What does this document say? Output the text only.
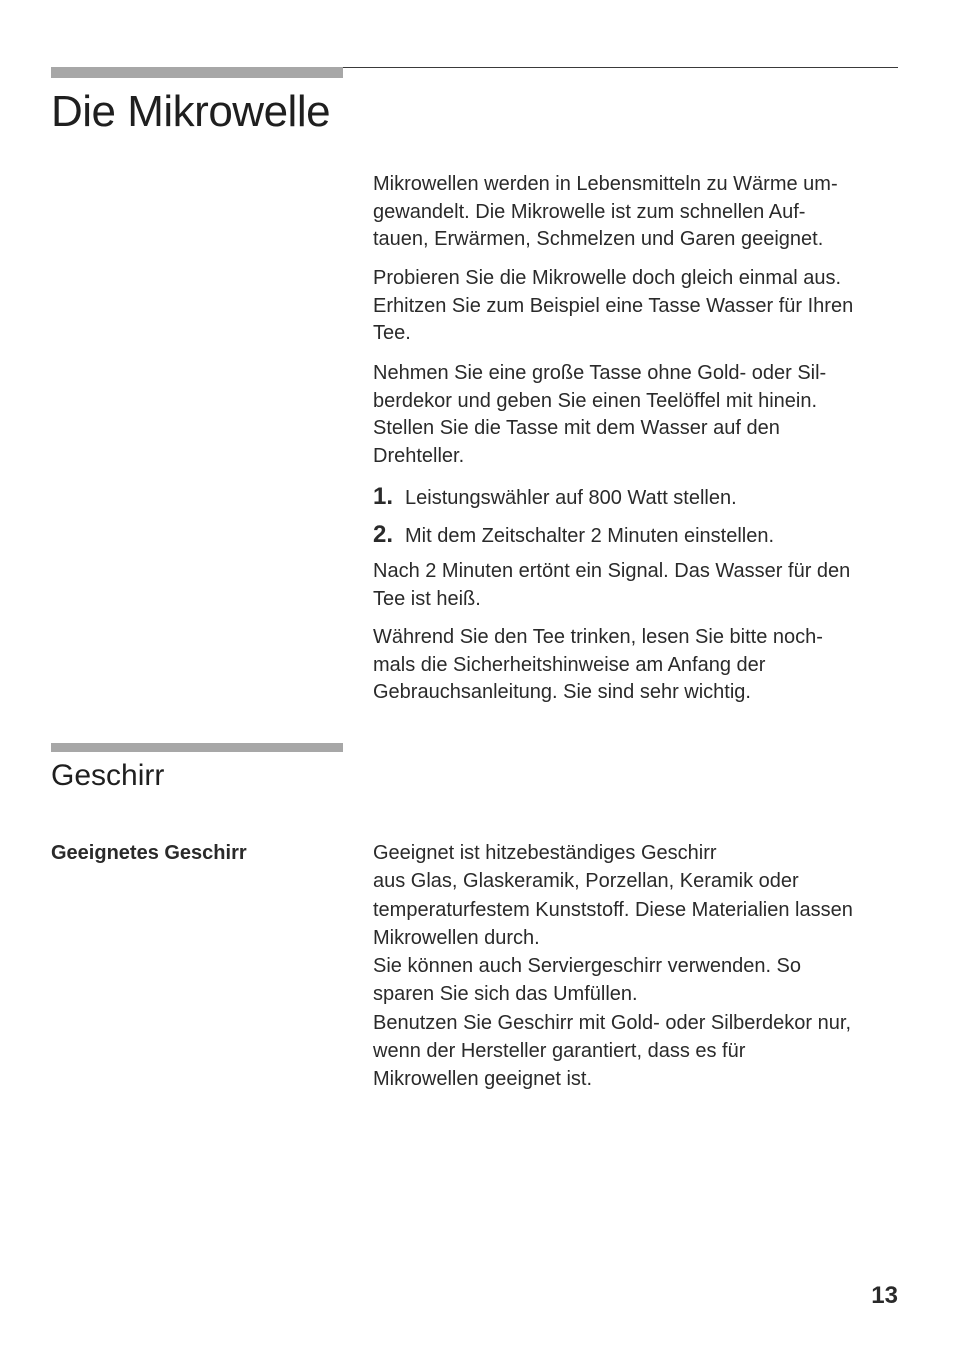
Die Mikrowelle

Mikrowellen werden in Lebensmitteln zu Wärme um-
gewandelt. Die Mikrowelle ist zum schnellen Auf-
tauen, Erwärmen, Schmelzen und Garen geeignet.

Probieren Sie die Mikrowelle doch gleich einmal aus.
Erhitzen Sie zum Beispiel eine Tasse Wasser für Ihren
Tee.

Nehmen Sie eine große Tasse ohne Gold- oder Sil-
berdekor und geben Sie einen Teelöffel mit hinein.
Stellen Sie die Tasse mit dem Wasser auf den
Drehteller.

1. Leistungswähler auf 800 Watt stellen.
2. Mit dem Zeitschalter 2 Minuten einstellen.

Nach 2 Minuten ertönt ein Signal. Das Wasser für den
Tee ist heiß.

Während Sie den Tee trinken, lesen Sie bitte noch-
mals die Sicherheitshinweise am Anfang der
Gebrauchsanleitung. Sie sind sehr wichtig.

Geschirr
Geeignetes Geschirr	Geeignet ist hitzebeständiges Geschirr
aus Glas, Glaskeramik, Porzellan, Keramik oder
temperaturfestem Kunststoff. Diese Materialien lassen
Mikrowellen durch.
Sie können auch Serviergeschirr verwenden. So
sparen Sie sich das Umfüllen.
Benutzen Sie Geschirr mit Gold- oder Silberdekor nur,
wenn der Hersteller garantiert, dass es für
Mikrowellen geeignet ist.

13
